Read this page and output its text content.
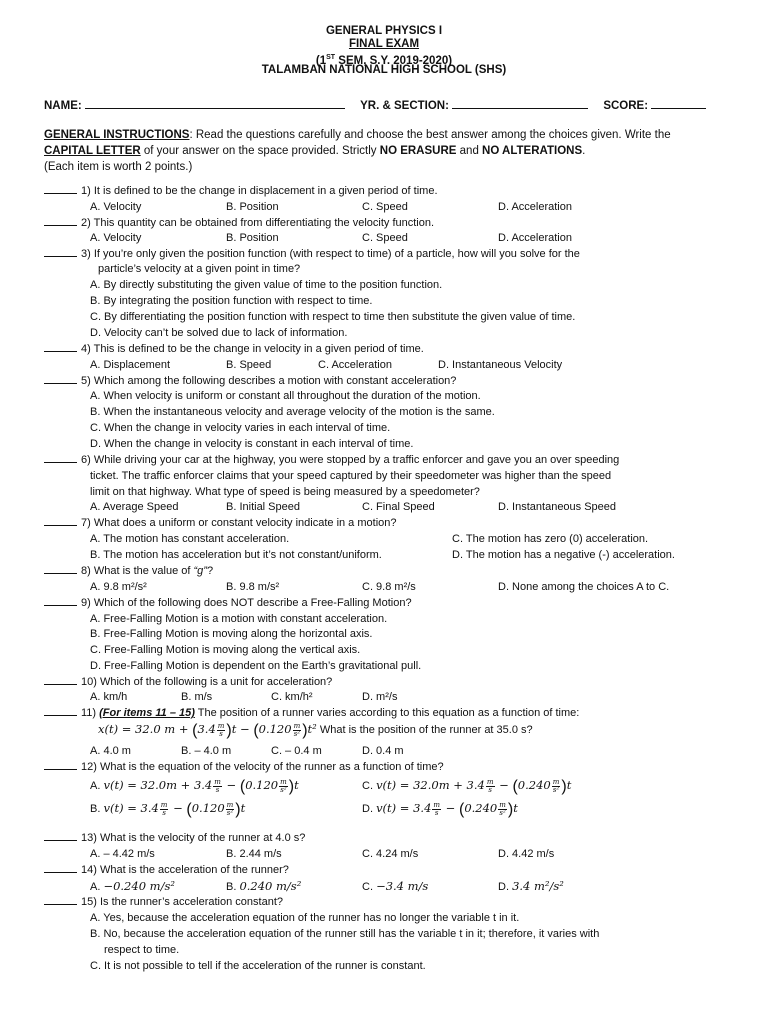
GENERAL PHYSICS I
FINAL EXAM
(1ST SEM, S.Y. 2019-2020)
TALAMBAN NATIONAL HIGH SCHOOL (SHS)
NAME:	YR. & SECTION:	SCORE:
GENERAL INSTRUCTIONS: Read the questions carefully and choose the best answer among the choices given. Write the
CAPITAL LETTER of your answer on the space provided. Strictly NO ERASURE and NO ALTERATIONS.
(Each item is worth 2 points.)
1) It is defined to be the change in displacement in a given period of time.
A. Velocity	B. Position	C. Speed	D. Acceleration
2) This quantity can be obtained from differentiating the velocity function.
A. Velocity	B. Position	C. Speed	D. Acceleration
3) If you’re only given the position function (with respect to time) of a particle, how will you solve for the
particle’s velocity at a given point in time?
A. By directly substituting the given value of time to the position function.
B. By integrating the position function with respect to time.
C. By differentiating the position function with respect to time then substitute the given value of time.
D. Velocity can’t be solved due to lack of information.
4) This is defined to be the change in velocity in a given period of time.
A. Displacement	B. Speed	C. Acceleration	D. Instantaneous Velocity
5) Which among the following describes a motion with constant acceleration?
A. When velocity is uniform or constant all throughout the duration of the motion.
B. When the instantaneous velocity and average velocity of the motion is the same.
C. When the change in velocity varies in each interval of time.
D. When the change in velocity is constant in each interval of time.
6) While driving your car at the highway, you were stopped by a traffic enforcer and gave you an over speeding
ticket. The traffic enforcer claims that your speed captured by their speedometer was higher than the speed
limit on that highway. What type of speed is being measured by a speedometer?
A. Average Speed	B. Initial Speed	C. Final Speed	D. Instantaneous Speed
7) What does a uniform or constant velocity indicate in a motion?
A. The motion has constant acceleration.	C. The motion has zero (0) acceleration.
B. The motion has acceleration but it’s not constant/uniform.	D. The motion has a negative (-) acceleration.
8) What is the value of “g”?
A. 9.8 m²/s²	B. 9.8 m/s²	C. 9.8 m²/s	D. None among the choices A to C.
9) Which of the following does NOT describe a Free-Falling Motion?
A. Free-Falling Motion is a motion with constant acceleration.
B. Free-Falling Motion is moving along the horizontal axis.
C. Free-Falling Motion is moving along the vertical axis.
D. Free-Falling Motion is dependent on the Earth’s gravitational pull.
10) Which of the following is a unit for acceleration?
A. km/h	B. m/s	C. km/h²	D. m²/s
11) (For items 11 – 15) The position of a runner varies according to this equation as a function of time:
x(t) = 32.0 $m + (3.4 \frac{m}{s} )t - (0.120 \frac{m}{\text{s²}} )t^2$ What is the position of the runner at 35.0 s?
A. 4.0 m	B. – 4.0 m	C. – 0.4 m	D. 0.4 m
12) What is the equation of the velocity of the runner as a function of time?
A. $v(t) = 32.0m + 3.4 \frac{m}{s} - (0.120 \frac{m}{\text{s²}} )t$	C. $v(t) = 32.0m + 3.4 \frac{m}{s} - (0.240 \frac{m}{\text{s²}} )t$
B. $v(t) = 3.4 \frac{m}{s} - (0.120 \frac{m}{\text{s²}} )t$	D. $v(t) = 3.4 \frac{m}{s} - (0.240 \frac{m}{\text{s²}} )t$
13) What is the velocity of the runner at 4.0 s?
A. – 4.42 m/s	B. 2.44 m/s	C. 4.24 m/s	D. 4.42 m/s
14) What is the acceleration of the runner?
A. −0.240 m/s²	B. 0.240 m/s²	C. −3.4 m/s	D. 3.4 m²/s²
15) Is the runner’s acceleration constant?
A. Yes, because the acceleration equation of the runner has no longer the variable t in it.
B. No, because the acceleration equation of the runner still has the variable t in it; therefore, it varies with
respect to time.
C. It is not possible to tell if the acceleration of the runner is constant.
